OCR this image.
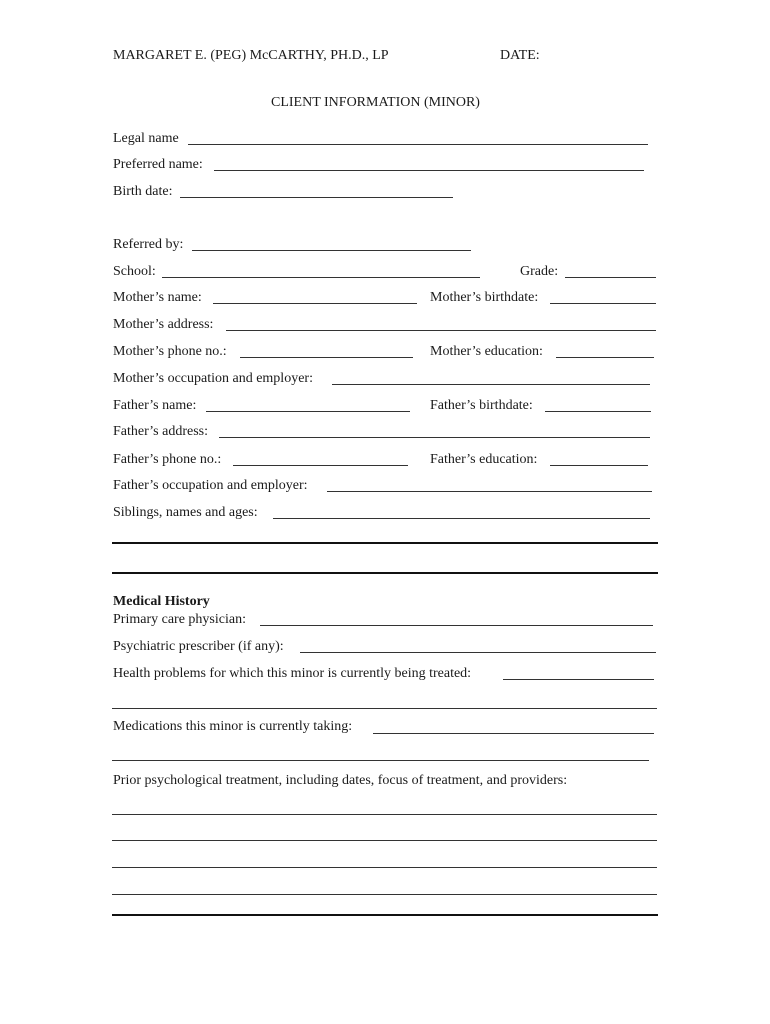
MARGARET E. (PEG) McCARTHY, PH.D., LP	DATE:
CLIENT INFORMATION (MINOR)
Legal name
Preferred name:
Birth date:
Referred by:
School:	Grade:
Mother’s name:	Mother’s birthdate:
Mother’s address:
Mother’s phone no.:	Mother’s education:
Mother’s occupation and employer:
Father’s name:	Father’s birthdate:
Father’s address:
Father’s phone no.:	Father’s education:
Father’s occupation and employer:
Siblings, names and ages:
Medical History
Primary care physician:
Psychiatric prescriber (if any):
Health problems for which this minor is currently being treated:
Medications this minor is currently taking:
Prior psychological treatment, including dates, focus of treatment, and providers:
